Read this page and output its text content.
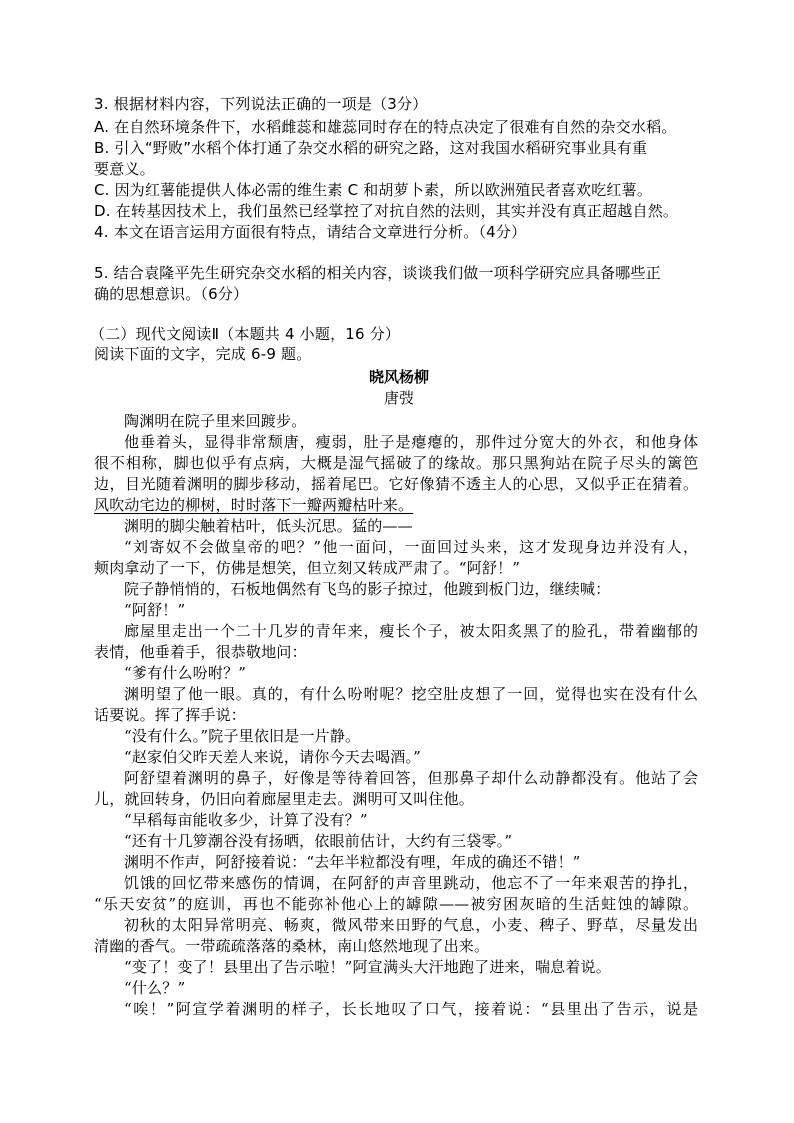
3. 根据材料内容，下列说法正确的一项是（3分）
A. 在自然环境条件下，水稻雌蕊和雄蕊同时存在的特点决定了很难有自然的杂交水稻。
B. 引入“野败”水稻个体打通了杂交水稻的研究之路，这对我国水稻研究事业具有重
要意义。
C. 因为红薯能提供人体必需的维生素 C 和胡萝卜素，所以欧洲殖民者喜欢吃红薯。
D. 在转基因技术上，我们虽然已经掌控了对抗自然的法则，其实并没有真正超越自然。
4. 本文在语言运用方面很有特点，请结合文章进行分析。（4分）
5. 结合袁隆平先生研究杂交水稻的相关内容，谈谈我们做一项科学研究应具备哪些正
确的思想意识。（6分）
（二）现代文阅读Ⅱ（本题共 4 小题，16 分）
阅读下面的文字，完成 6-9 题。
晓风杨柳
唐弢
陶渊明在院子里来回踱步。
他垂着头，显得非常颓唐，瘦弱，肚子是瘪瘪的，那件过分宽大的外衣，和他身体
很不相称，脚也似乎有点病，大概是湿气摇破了的缘故。那只黑狗站在院子尽头的篱笆
边，目光随着渊明的脚步移动，摇着尾巴。它好像猜不透主人的心思，又似乎正在猜着。
风吹动宅边的柳树，时时落下一瓣两瓣枯叶来。
渊明的脚尖触着枯叶，低头沉思。猛的——
“刘寄奴不会做皇帝的吧？”他一面问，一面回过头来，这才发现身边并没有人，
颊肉拿动了一下，仿佛是想笑，但立刻又转成严肃了。“阿舒！”
院子静悄悄的，石板地偶然有飞鸟的影子掠过，他踱到板门边，继续喊：
“阿舒！”
廊屋里走出一个二十几岁的青年来，瘦长个子，被太阳炙黑了的脸孔，带着幽郁的
表情，他垂着手，很恭敬地问：
“爹有什么吩咐？”
渊明望了他一眼。真的，有什么吩咐呢？挖空肚皮想了一回，觉得也实在没有什么
话要说。挥了挥手说：
“没有什么。”院子里依旧是一片静。
“赵家伯父昨天差人来说，请你今天去喝酒。”
阿舒望着渊明的鼻子，好像是等待着回答，但那鼻子却什么动静都没有。他站了会
儿，就回转身，仍旧向着廊屋里走去。渊明可又叫住他。
“早稻每亩能收多少，计算了没有？”
“还有十几箩潮谷没有扬晒，依眼前估计，大约有三袋零。”
渊明不作声，阿舒接着说：“去年半粒都没有哩，年成的确还不错！”
饥饿的回忆带来感伤的情调，在阿舒的声音里跳动，他忘不了一年来艰苦的挣扎，
“乐天安贫”的庭训，再也不能弥补他心上的罅隙——被穷困灰暗的生活蛀蚀的罅隙。
初秋的太阳异常明亮、畅爽，微风带来田野的气息，小麦、稗子、野草，尽量发出
清幽的香气。一带疏疏落落的桑林，南山悠然地现了出来。
“变了！变了！县里出了告示啦！”阿宣满头大汗地跑了进来，喘息着说。
“什么？”
“唉！”阿宣学着渊明的样子，长长地叹了口气，接着说：“县里出了告示，说是
